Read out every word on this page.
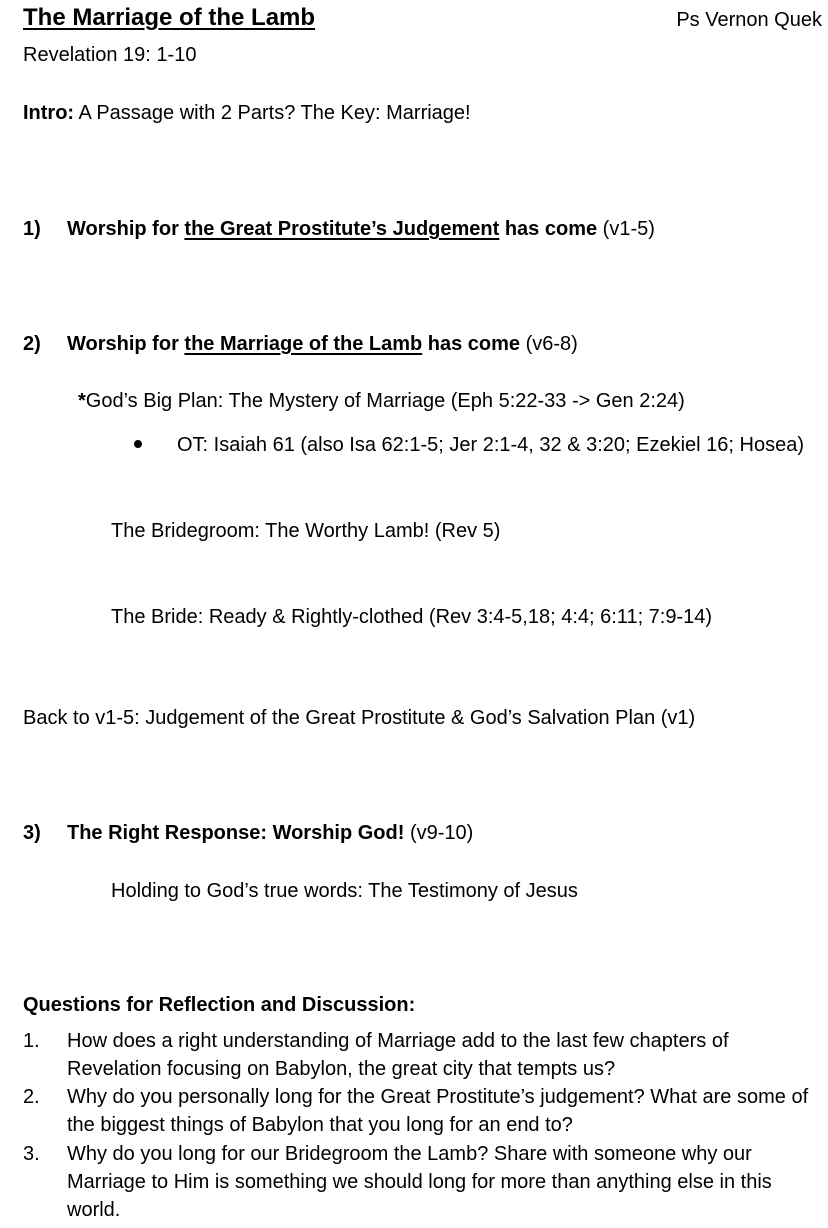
The Marriage of the Lamb	Ps Vernon Quek
Revelation 19: 1-10
Intro: A Passage with 2 Parts? The Key: Marriage!
1) Worship for the Great Prostitute’s Judgement has come (v1-5)
2) Worship for the Marriage of the Lamb has come (v6-8)
*God’s Big Plan: The Mystery of Marriage (Eph 5:22-33 -> Gen 2:24)
OT: Isaiah 61 (also Isa 62:1-5; Jer 2:1-4, 32 & 3:20; Ezekiel 16; Hosea)
The Bridegroom: The Worthy Lamb! (Rev 5)
The Bride: Ready & Rightly-clothed (Rev 3:4-5,18; 4:4; 6:11; 7:9-14)
Back to v1-5: Judgement of the Great Prostitute & God’s Salvation Plan (v1)
3) The Right Response: Worship God! (v9-10)
Holding to God’s true words: The Testimony of Jesus
Questions for Reflection and Discussion:
1. How does a right understanding of Marriage add to the last few chapters of Revelation focusing on Babylon, the great city that tempts us?
2. Why do you personally long for the Great Prostitute’s judgement? What are some of the biggest things of Babylon that you long for an end to?
3. Why do you long for our Bridegroom the Lamb? Share with someone why our Marriage to Him is something we should long for more than anything else in this world.
